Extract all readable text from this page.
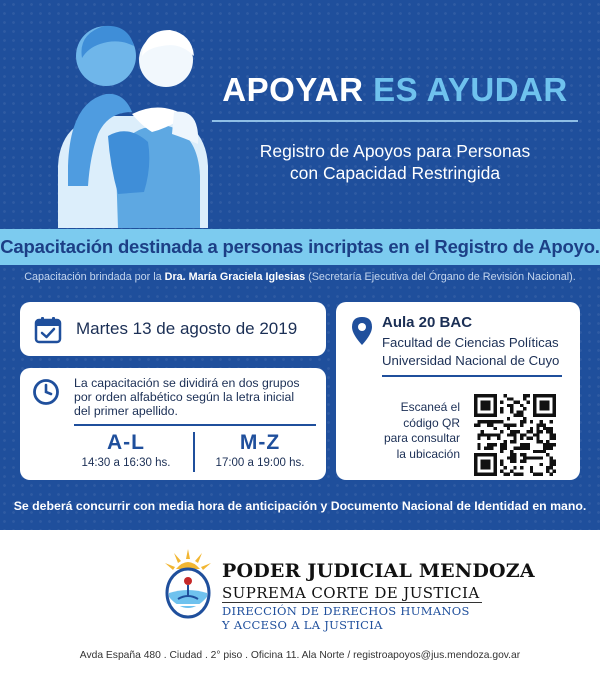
APOYAR ES AYUDAR
Registro de Apoyos para Personas
con Capacidad Restringida
Capacitación destinada a personas incriptas en el Registro de Apoyo.
Capacitación brindada por la Dra. María Graciela Iglesias (Secretaría Ejecutiva del Órgano de Revisión Nacional).
Martes 13 de agosto de 2019
La capacitación se dividirá en dos grupos
por orden alfabético según la letra inicial
del primer apellido.
A-L
14:30 a 16:30 hs.
M-Z
17:00 a 19:00 hs.
Aula 20 BAC
Facultad de Ciencias Políticas
Universidad Nacional de Cuyo
Escaneá el
código QR
para consultar
la ubicación
Se deberá concurrir con media hora de anticipación y Documento Nacional de Identidad en mano.
PODER JUDICIAL MENDOZA
SUPREMA CORTE DE JUSTICIA
DIRECCIÓN DE DERECHOS HUMANOS
Y ACCESO A LA JUSTICIA
Avda España 480 . Ciudad . 2° piso . Oficina 11. Ala Norte / registroapoyos@jus.mendoza.gov.ar
